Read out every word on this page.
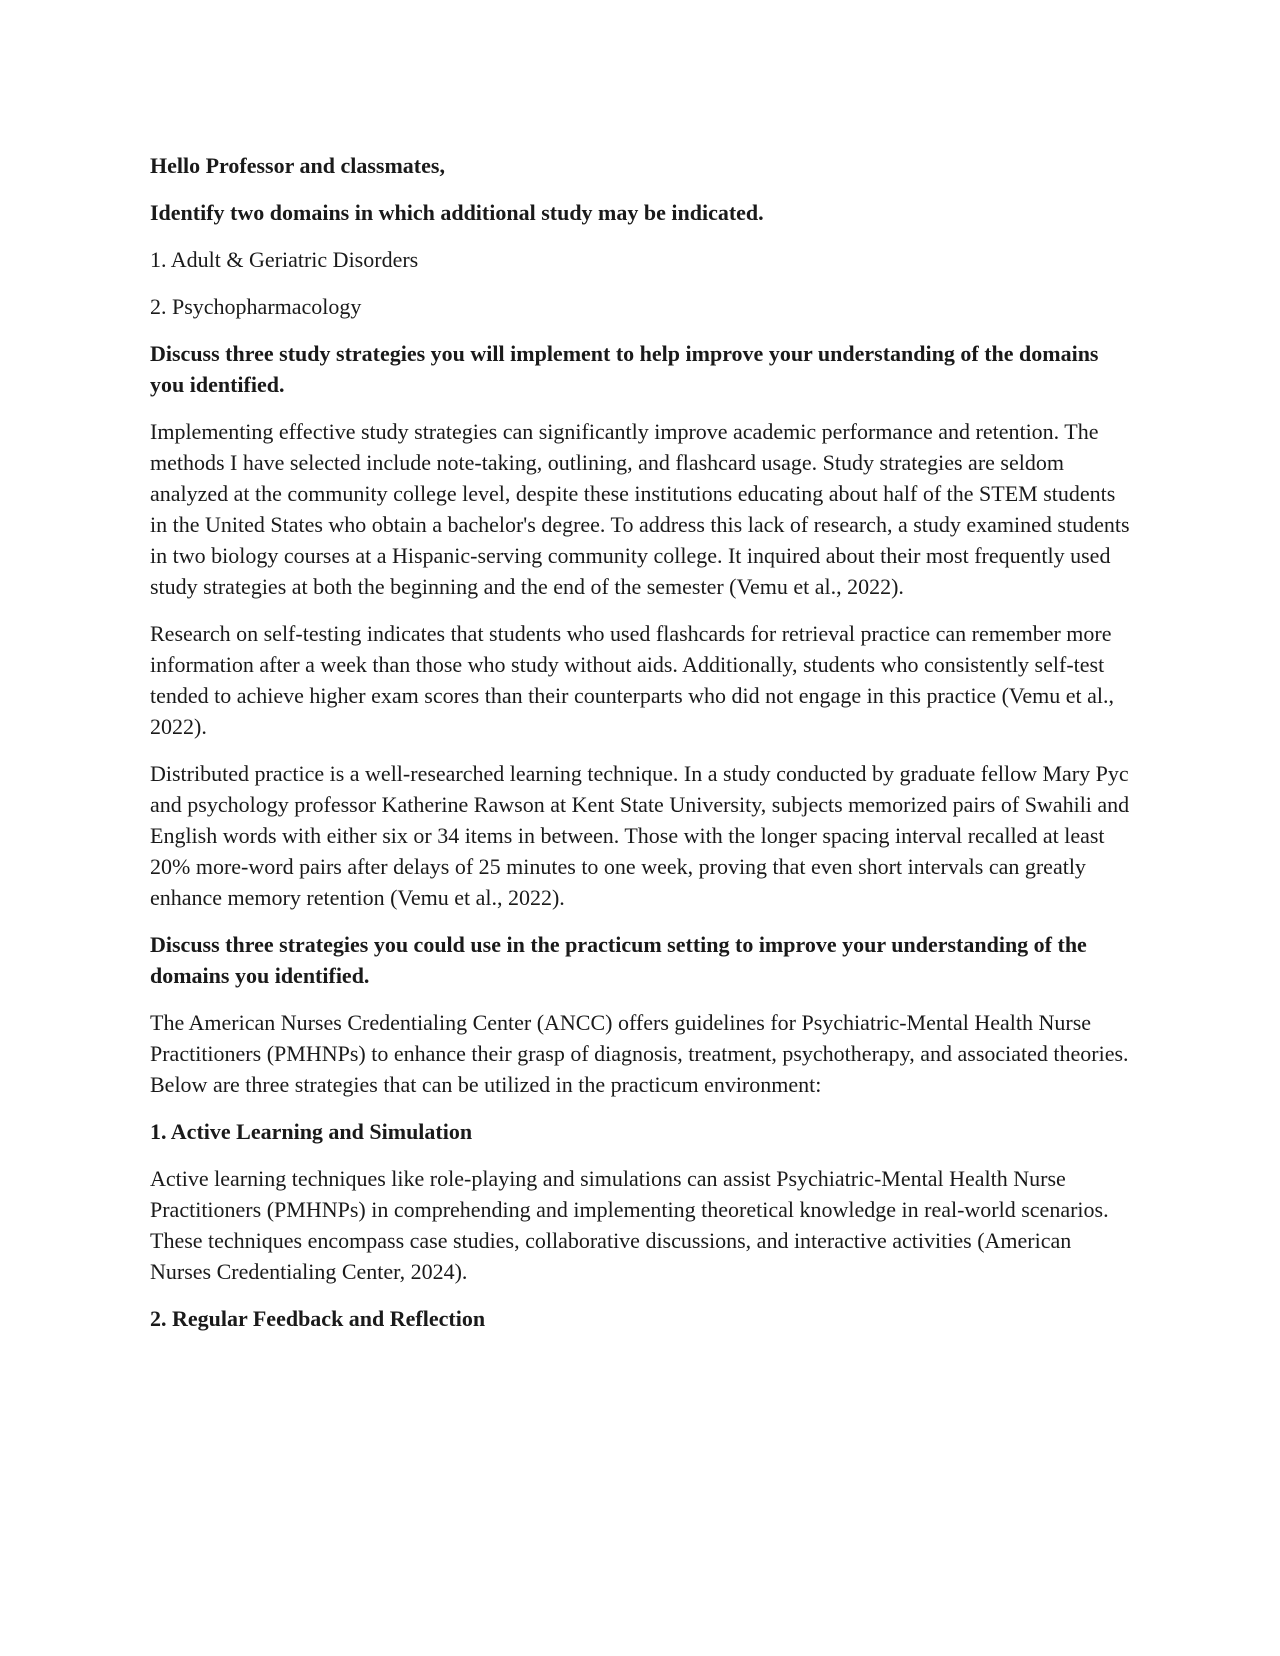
Hello Professor and classmates,

Identify two domains in which additional study may be indicated.

1. Adult & Geriatric Disorders

2. Psychopharmacology

Discuss three study strategies you will implement to help improve your understanding of the domains you identified.

Implementing effective study strategies can significantly improve academic performance and retention. The methods I have selected include note-taking, outlining, and flashcard usage. Study strategies are seldom analyzed at the community college level, despite these institutions educating about half of the STEM students in the United States who obtain a bachelor's degree. To address this lack of research, a study examined students in two biology courses at a Hispanic-serving community college. It inquired about their most frequently used study strategies at both the beginning and the end of the semester (Vemu et al., 2022).

Research on self-testing indicates that students who used flashcards for retrieval practice can remember more information after a week than those who study without aids. Additionally, students who consistently self-test tended to achieve higher exam scores than their counterparts who did not engage in this practice (Vemu et al., 2022).

Distributed practice is a well-researched learning technique. In a study conducted by graduate fellow Mary Pyc and psychology professor Katherine Rawson at Kent State University, subjects memorized pairs of Swahili and English words with either six or 34 items in between. Those with the longer spacing interval recalled at least 20% more-word pairs after delays of 25 minutes to one week, proving that even short intervals can greatly enhance memory retention (Vemu et al., 2022).

Discuss three strategies you could use in the practicum setting to improve your understanding of the domains you identified.

The American Nurses Credentialing Center (ANCC) offers guidelines for Psychiatric-Mental Health Nurse Practitioners (PMHNPs) to enhance their grasp of diagnosis, treatment, psychotherapy, and associated theories. Below are three strategies that can be utilized in the practicum environment:

1. Active Learning and Simulation

Active learning techniques like role-playing and simulations can assist Psychiatric-Mental Health Nurse Practitioners (PMHNPs) in comprehending and implementing theoretical knowledge in real-world scenarios. These techniques encompass case studies, collaborative discussions, and interactive activities (American Nurses Credentialing Center, 2024).

2. Regular Feedback and Reflection
